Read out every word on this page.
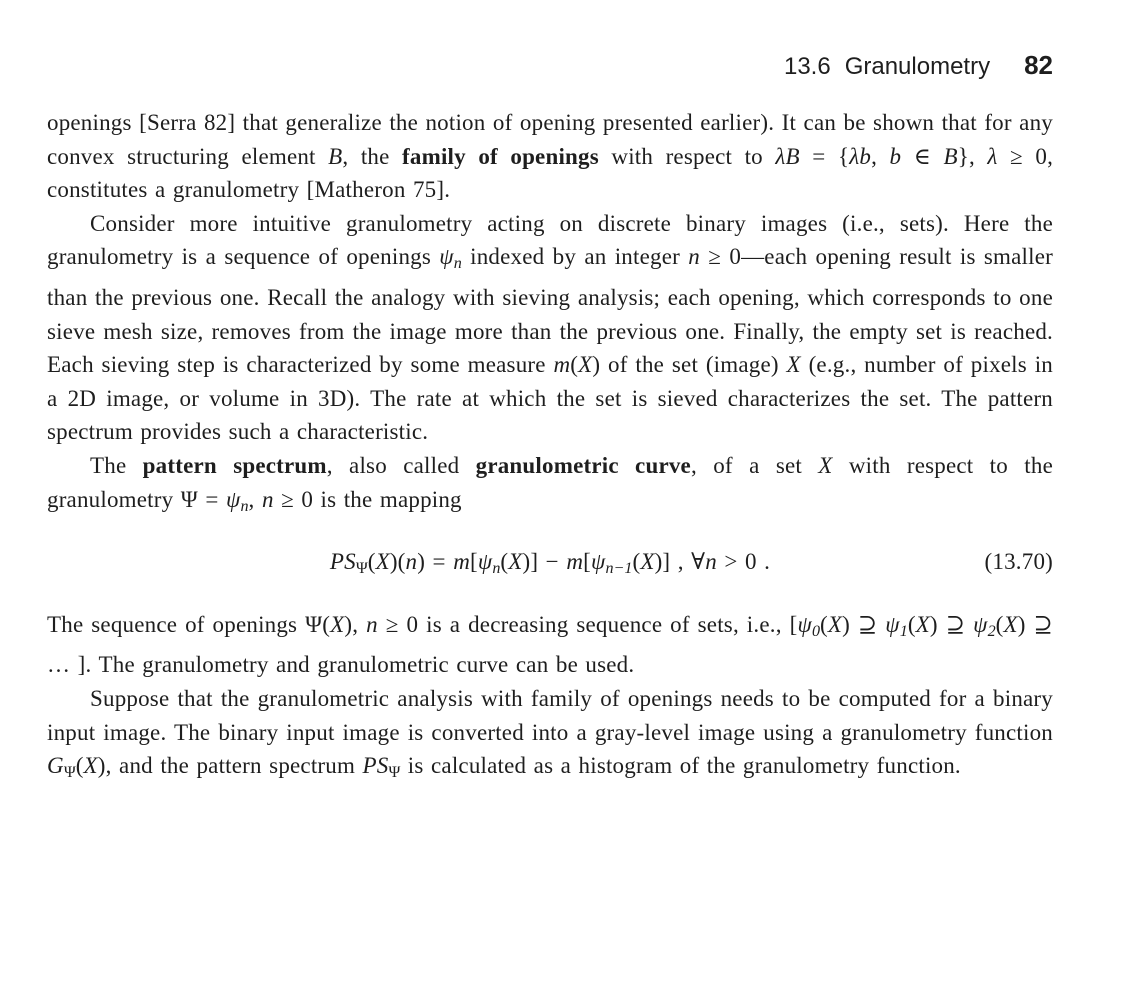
13.6 Granulometry 82

openings [Serra 82] that generalize the notion of opening presented earlier). It can be shown that for any convex structuring element B, the family of openings with respect to λB = {λb, b ∈ B}, λ ≥ 0, constitutes a granulometry [Matheron 75].

Consider more intuitive granulometry acting on discrete binary images (i.e., sets). Here the granulometry is a sequence of openings ψn indexed by an integer n ≥ 0—each opening result is smaller than the previous one. Recall the analogy with sieving analysis; each opening, which corresponds to one sieve mesh size, removes from the image more than the previous one. Finally, the empty set is reached. Each sieving step is characterized by some measure m(X) of the set (image) X (e.g., number of pixels in a 2D image, or volume in 3D). The rate at which the set is sieved characterizes the set. The pattern spectrum provides such a characteristic.

The pattern spectrum, also called granulometric curve, of a set X with respect to the granulometry Ψ = ψn, n ≥ 0 is the mapping

PSΨ(X)(n) = m[ψn(X)] − m[ψn−1(X)] , ∀n > 0 .	(13.70)

The sequence of openings Ψ(X), n ≥ 0 is a decreasing sequence of sets, i.e., [ψ0(X) ⊇ ψ1(X) ⊇ ψ2(X) ⊇ … ]. The granulometry and granulometric curve can be used.

Suppose that the granulometric analysis with family of openings needs to be computed for a binary input image. The binary input image is converted into a gray-level image using a granulometry function GΨ(X), and the pattern spectrum PSΨ is calculated as a histogram of the granulometry function.
